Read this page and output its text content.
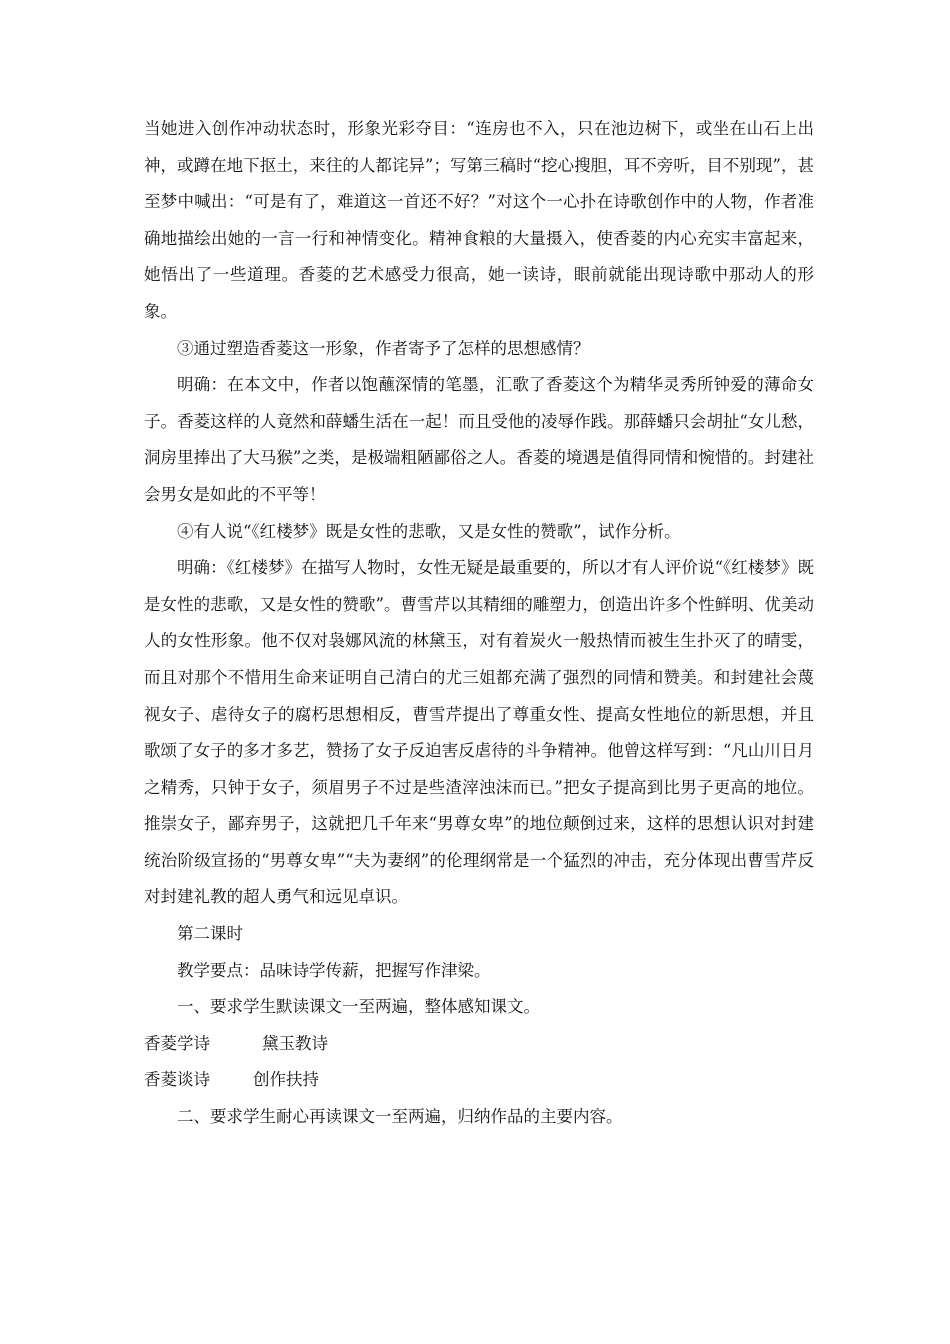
当她进入创作冲动状态时，形象光彩夺目：“连房也不入，只在池边树下，或坐在山石上出神，或蹲在地下抠土，来往的人都诧异”；写第三稿时“挖心搜胆，耳不旁听，目不别现”，甚至梦中喊出：“可是有了，难道这一首还不好？”对这个一心扑在诗歌创作中的人物，作者准确地描绘出她的一言一行和神情变化。精神食粮的大量摄入，使香菱的内心充实丰富起来，她悟出了一些道理。香菱的艺术感受力很高，她一读诗，眼前就能出现诗歌中那动人的形象。

③通过塑造香菱这一形象，作者寄予了怎样的思想感情？

明确：在本文中，作者以饱蘸深情的笔墨，汇歌了香菱这个为精华灵秀所钟爱的薄命女子。香菱这样的人竟然和薛蟠生活在一起！而且受他的凌辱作践。那薛蟠只会胡扯“女儿愁，洞房里捧出了大马猴”之类，是极端粗陋鄙俗之人。香菱的境遇是值得同情和惋惜的。封建社会男女是如此的不平等！

④有人说“《红楼梦》既是女性的悲歌，又是女性的赞歌”，试作分析。

明确：《红楼梦》在描写人物时，女性无疑是最重要的，所以才有人评价说“《红楼梦》既是女性的悲歌，又是女性的赞歌”。曹雪芹以其精细的雕塑力，创造出许多个性鲜明、优美动人的女性形象。他不仅对袅娜风流的林黛玉，对有着炭火一般热情而被生生扑灭了的晴雯，而且对那个不惜用生命来证明自己清白的尤三姐都充满了强烈的同情和赞美。和封建社会蔑视女子、虐待女子的腐朽思想相反，曹雪芹提出了尊重女性、提高女性地位的新思想，并且歌颂了女子的多才多艺，赞扬了女子反迫害反虐待的斗争精神。他曾这样写到：“凡山川日月之精秀，只钟于女子，须眉男子不过是些渣滓浊沫而已。”把女子提高到比男子更高的地位。推崇女子，鄙弃男子，这就把几千年来“男尊女卑”的地位颠倒过来，这样的思想认识对封建统治阶级宣扬的“男尊女卑”“夫为妻纲”的伦理纲常是一个猛烈的冲击，充分体现出曹雪芹反对封建礼教的超人勇气和远见卓识。

第二课时

教学要点：品味诗学传薪，把握写作津梁。

一、要求学生默读课文一至两遍，整体感知课文。

香菱学诗	黛玉教诗

香菱谈诗	创作扶持

二、要求学生耐心再读课文一至两遍，归纳作品的主要内容。
